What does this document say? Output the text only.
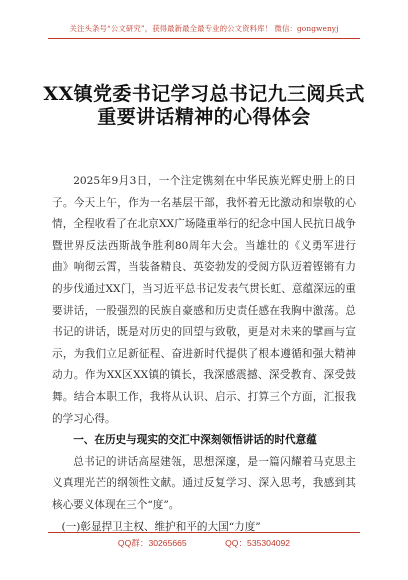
关注头条号“公文研究”，获得最新最全最专业的公文资料库！ 微信：gongwenyj
XX镇党委书记学习总书记九三阅兵式
重要讲话精神的心得体会

2025年9月3日，一个注定镌刻在中华民族光辉史册上的日子。今天上午，作为一名基层干部，我怀着无比激动和崇敬的心情，全程收看了在北京XX广场隆重举行的纪念中国人民抗日战争暨世界反法西斯战争胜利80周年大会。当雄壮的《义勇军进行曲》响彻云霄，当装备精良、英姿勃发的受阅方队迈着铿锵有力的步伐通过XX门，当习近平总书记发表气贯长虹、意蕴深远的重要讲话，一股强烈的民族自豪感和历史责任感在我胸中激荡。总书记的讲话，既是对历史的回望与致敬，更是对未来的擘画与宣示，为我们立足新征程、奋进新时代提供了根本遵循和强大精神动力。作为XX区XX镇的镇长，我深感震撼、深受教育、深受鼓舞。结合本职工作，我将从认识、启示、打算三个方面，汇报我的学习心得。

一、在历史与现实的交汇中深刻领悟讲话的时代意蕴

总书记的讲话高屋建瓴，思想深邃，是一篇闪耀着马克思主义真理光芒的纲领性文献。通过反复学习、深入思考，我感到其核心要义体现在三个“度”。

(一)彰显捍卫主权、维护和平的大国“力度”

QQ群：30265665	QQ：535304092
